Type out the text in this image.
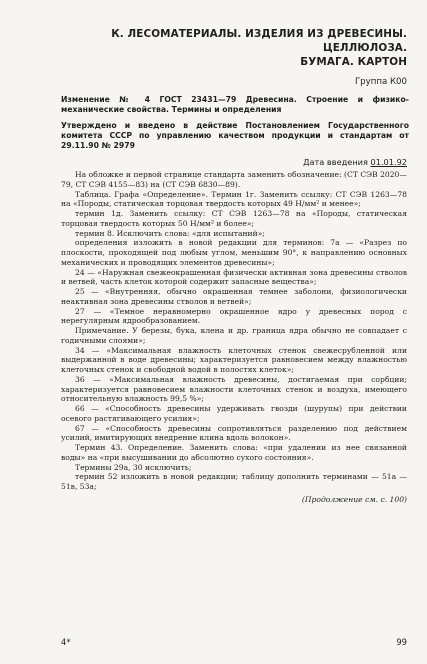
К. ЛЕСОМАТЕРИАЛЫ. ИЗДЕЛИЯ ИЗ ДРЕВЕСИНЫ. ЦЕЛЛЮЛОЗА.
БУМАГА. КАРТОН
Группа К00
Изменение № 4 ГОСТ 23431—79 Древесина. Строение и физико-механические свойства. Термины и определения
Утверждено и введено в действие Постановлением Государственного комитета СССР по управлению качеством продукции и стандартам от 29.11.90 № 2979
Дата введения 01.01.92

На обложке и первой странице стандарта заменить обозначение: (СТ СЭВ 2020—79, СТ СЭВ 4155—83) на (СТ СЭВ 6830—89).

Таблица. Графа «Определение». Термин 1г. Заменить ссылку: СТ СЭВ 1263—78 на «Породы, статическая торцовая твердость которых 49 Н/мм² и менее»;

термин 1д. Заменить ссылку: СТ СЭВ 1263—78 на «Породы, статическая торцовая твердость которых 50 Н/мм² и более»;

термин 8. Исключить слова: «для испытаний»;

определения изложить в новой редакции для терминов: 7а — «Разрез по плоскости, проходящей под любым углом, меньшим 90°, к направлению основных механических и проводящих элементов древесины»;

24 — «Наружная свежеокрашенная физически активная зона древесины стволов и ветвей, часть клеток которой содержит запасные вещества»;

25 — «Внутренняя, обычно окрашенная темнее заболони, физиологически неактивная зона древесины стволов и ветвей»;

27 — «Темное неравномерно окрашенное ядро у древесных пород с нерегулярным ядрообразованием.

Примечание. У березы, бука, клена и др. граница ядра обычно не совпадает с годичными слоями»;

34 — «Максимальная влажность клеточных стенок свежесрубленной или выдержанной в воде древесины; характеризуется равновесием между влажностью клеточных стенок и свободной водой в полостях клеток»;

36 — «Максимальная влажность древесины, достигаемая при сорбции; характеризуется равновесием влажности клеточных стенок и воздуха, имеющего относительную влажность 99,5 %»;

66 — «Способность древесины удерживать гвозди (шурупы) при действии осевого растягивающего усилия»;

67 — «Способность древесины сопротивляться разделению под действием усилий, имитирующих внедрение клина вдоль волокон».

Термин 43. Определение. Заменить слова: «при удалении из нее связанной воды» на «при высушивании до абсолютно сухого состояния».

Термины 29а, 30 исключить;

термин 52 изложить в новой редакции; таблицу дополнить терминами — 51а — 51в, 53а;

(Продолжение см. с. 100)

4*	99
